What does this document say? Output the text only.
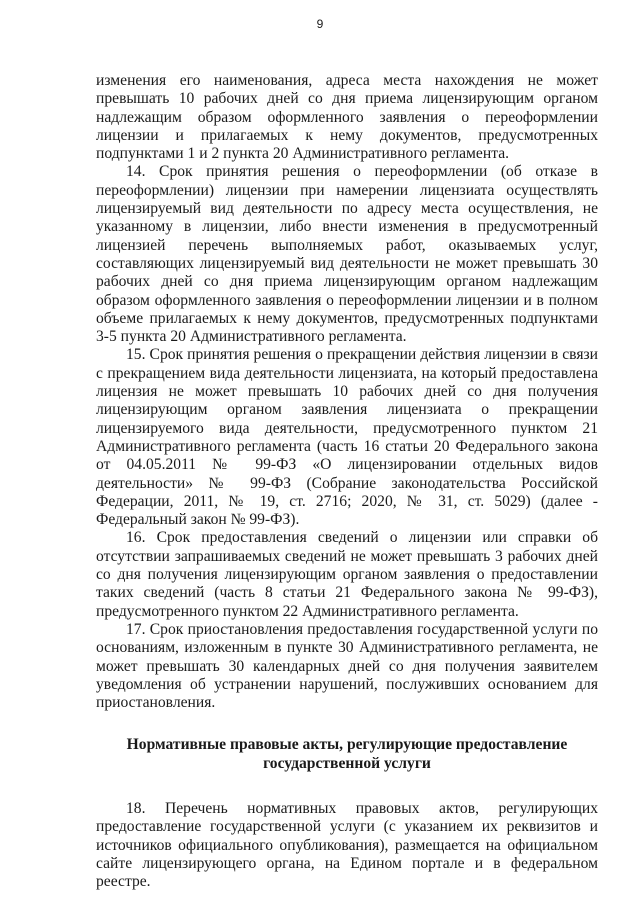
9

изменения его наименования, адреса места нахождения не может превышать 10 рабочих дней со дня приема лицензирующим органом надлежащим образом оформленного заявления о переоформлении лицензии и прилагаемых к нему документов, предусмотренных подпунктами 1 и 2 пункта 20 Административного регламента.

14. Срок принятия решения о переоформлении (об отказе в переоформлении) лицензии при намерении лицензиата осуществлять лицензируемый вид деятельности по адресу места осуществления, не указанному в лицензии, либо внести изменения в предусмотренный лицензией перечень выполняемых работ, оказываемых услуг, составляющих лицензируемый вид деятельности не может превышать 30 рабочих дней со дня приема лицензирующим органом надлежащим образом оформленного заявления о переоформлении лицензии и в полном объеме прилагаемых к нему документов, предусмотренных подпунктами 3-5 пункта 20 Административного регламента.

15. Срок принятия решения о прекращении действия лицензии в связи с прекращением вида деятельности лицензиата, на который предоставлена лицензия не может превышать 10 рабочих дней со дня получения лицензирующим органом заявления лицензиата о прекращении лицензируемого вида деятельности, предусмотренного пунктом 21 Административного регламента (часть 16 статьи 20 Федерального закона от 04.05.2011 № 99-ФЗ «О лицензировании отдельных видов деятельности» № 99-ФЗ (Собрание законодательства Российской Федерации, 2011, № 19, ст. 2716; 2020, № 31, ст. 5029) (далее - Федеральный закон № 99-ФЗ).

16. Срок предоставления сведений о лицензии или справки об отсутствии запрашиваемых сведений не может превышать 3 рабочих дней со дня получения лицензирующим органом заявления о предоставлении таких сведений (часть 8 статьи 21 Федерального закона № 99-ФЗ), предусмотренного пунктом 22 Административного регламента.

17. Срок приостановления предоставления государственной услуги по основаниям, изложенным в пункте 30 Административного регламента, не может превышать 30 календарных дней со дня получения заявителем уведомления об устранении нарушений, послуживших основанием для приостановления.

Нормативные правовые акты, регулирующие предоставление
государственной услуги

18. Перечень нормативных правовых актов, регулирующих предоставление государственной услуги (с указанием их реквизитов и источников официального опубликования), размещается на официальном сайте лицензирующего органа, на Едином портале и в федеральном реестре.
